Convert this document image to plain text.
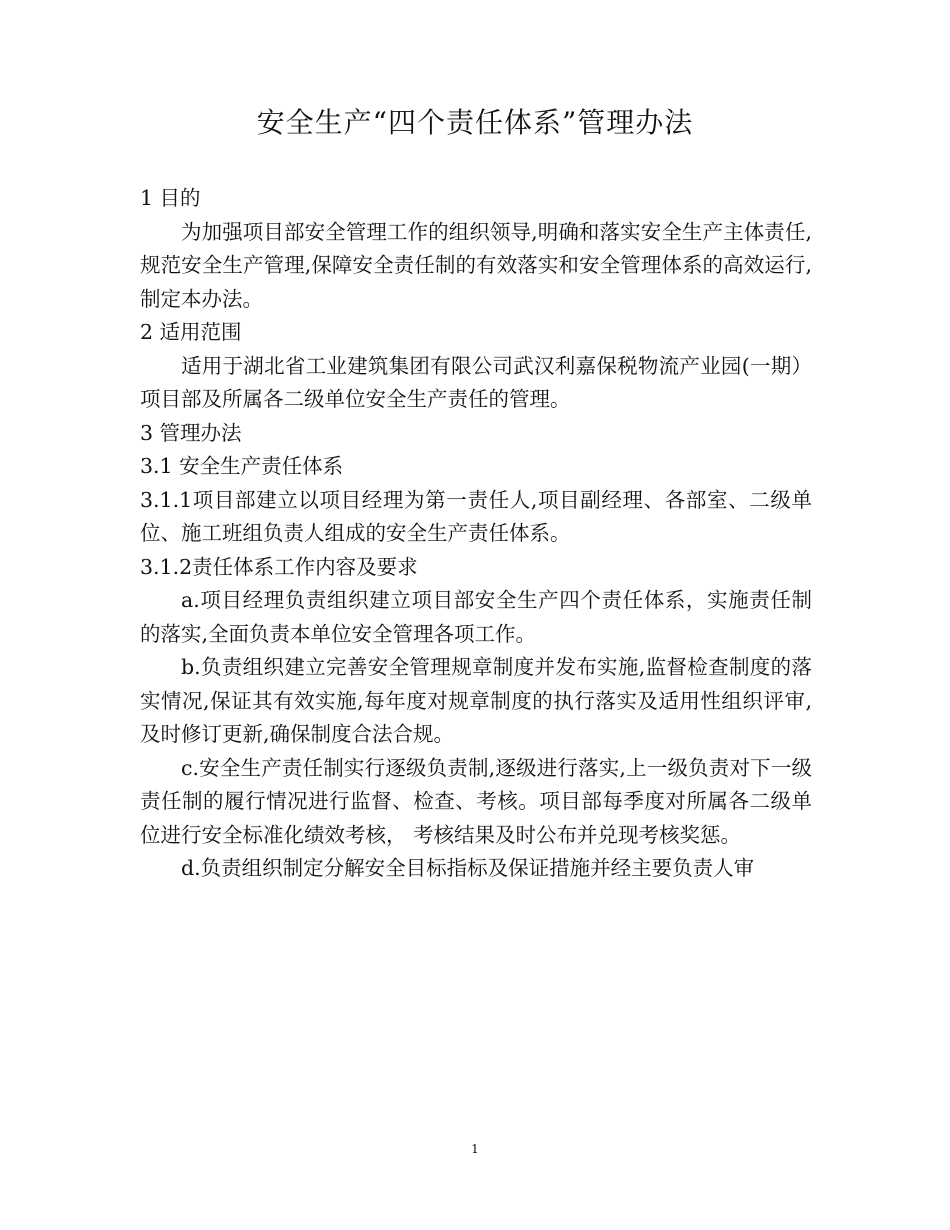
安全生产“四个责任体系”管理办法

1 目的

为加强项目部安全管理工作的组织领导,明确和落实安全生产主体责任,规范安全生产管理,保障安全责任制的有效落实和安全管理体系的高效运行,制定本办法。

2 适用范围

适用于湖北省工业建筑集团有限公司武汉利嘉保税物流产业园(一期）项目部及所属各二级单位安全生产责任的管理。

3 管理办法

3.1 安全生产责任体系

3.1.1项目部建立以项目经理为第一责任人,项目副经理、各部室、二级单位、施工班组负责人组成的安全生产责任体系。

3.1.2责任体系工作内容及要求

a.项目经理负责组织建立项目部安全生产四个责任体系，实施责任制的落实,全面负责本单位安全管理各项工作。

b.负责组织建立完善安全管理规章制度并发布实施,监督检查制度的落实情况,保证其有效实施,每年度对规章制度的执行落实及适用性组织评审,及时修订更新,确保制度合法合规。

c.安全生产责任制实行逐级负责制,逐级进行落实,上一级负责对下一级责任制的履行情况进行监督、检查、考核。项目部每季度对所属各二级单位进行安全标准化绩效考核， 考核结果及时公布并兑现考核奖惩。

d.负责组织制定分解安全目标指标及保证措施并经主要负责人审

1
